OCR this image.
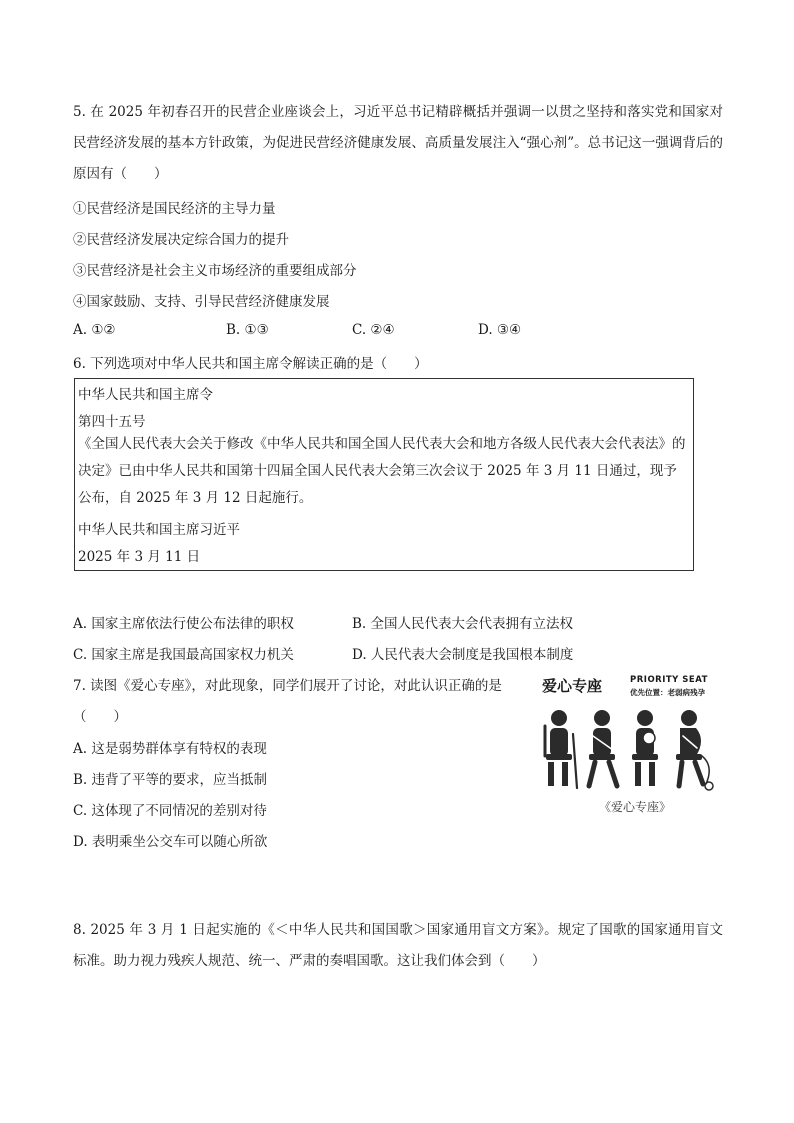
5. 在 2025 年初春召开的民营企业座谈会上，习近平总书记精辟概括并强调一以贯之坚持和落实党和国家对民营经济发展的基本方针政策，为促进民营经济健康发展、高质量发展注入“强心剂”。总书记这一强调背后的原因有（　　）
①民营经济是国民经济的主导力量
②民营经济发展决定综合国力的提升
③民营经济是社会主义市场经济的重要组成部分
④国家鼓励、支持、引导民营经济健康发展
A. ①②	B. ①③	C. ②④	D. ③④
6. 下列选项对中华人民共和国主席令解读正确的是（　　）
中华人民共和国主席令
第四十五号
《全国人民代表大会关于修改《中华人民共和国全国人民代表大会和地方各级人民代表大会代表法》的决定》已由中华人民共和国第十四届全国人民代表大会第三次会议于 2025 年 3 月 11 日通过，现予公布，自 2025 年 3 月 12 日起施行。
中华人民共和国主席习近平
2025 年 3 月 11 日
A. 国家主席依法行使公布法律的职权	B. 全国人民代表大会代表拥有立法权
C. 国家主席是我国最高国家权力机关	D. 人民代表大会制度是我国根本制度
7. 读图《爱心专座》，对此现象，同学们展开了讨论，对此认识正确的是
（　　）
A. 这是弱势群体享有特权的表现
B. 违背了平等的要求，应当抵制
C. 这体现了不同情况的差别对待
D. 表明乘坐公交车可以随心所欲
爱心专座	PRIORITY SEAT
优先位置：老弱病残孕
《爱心专座》
8. 2025 年 3 月 1 日起实施的《＜中华人民共和国国歌＞国家通用盲文方案》。规定了国歌的国家通用盲文标准。助力视力残疾人规范、统一、严肃的奏唱国歌。这让我们体会到（　　）
